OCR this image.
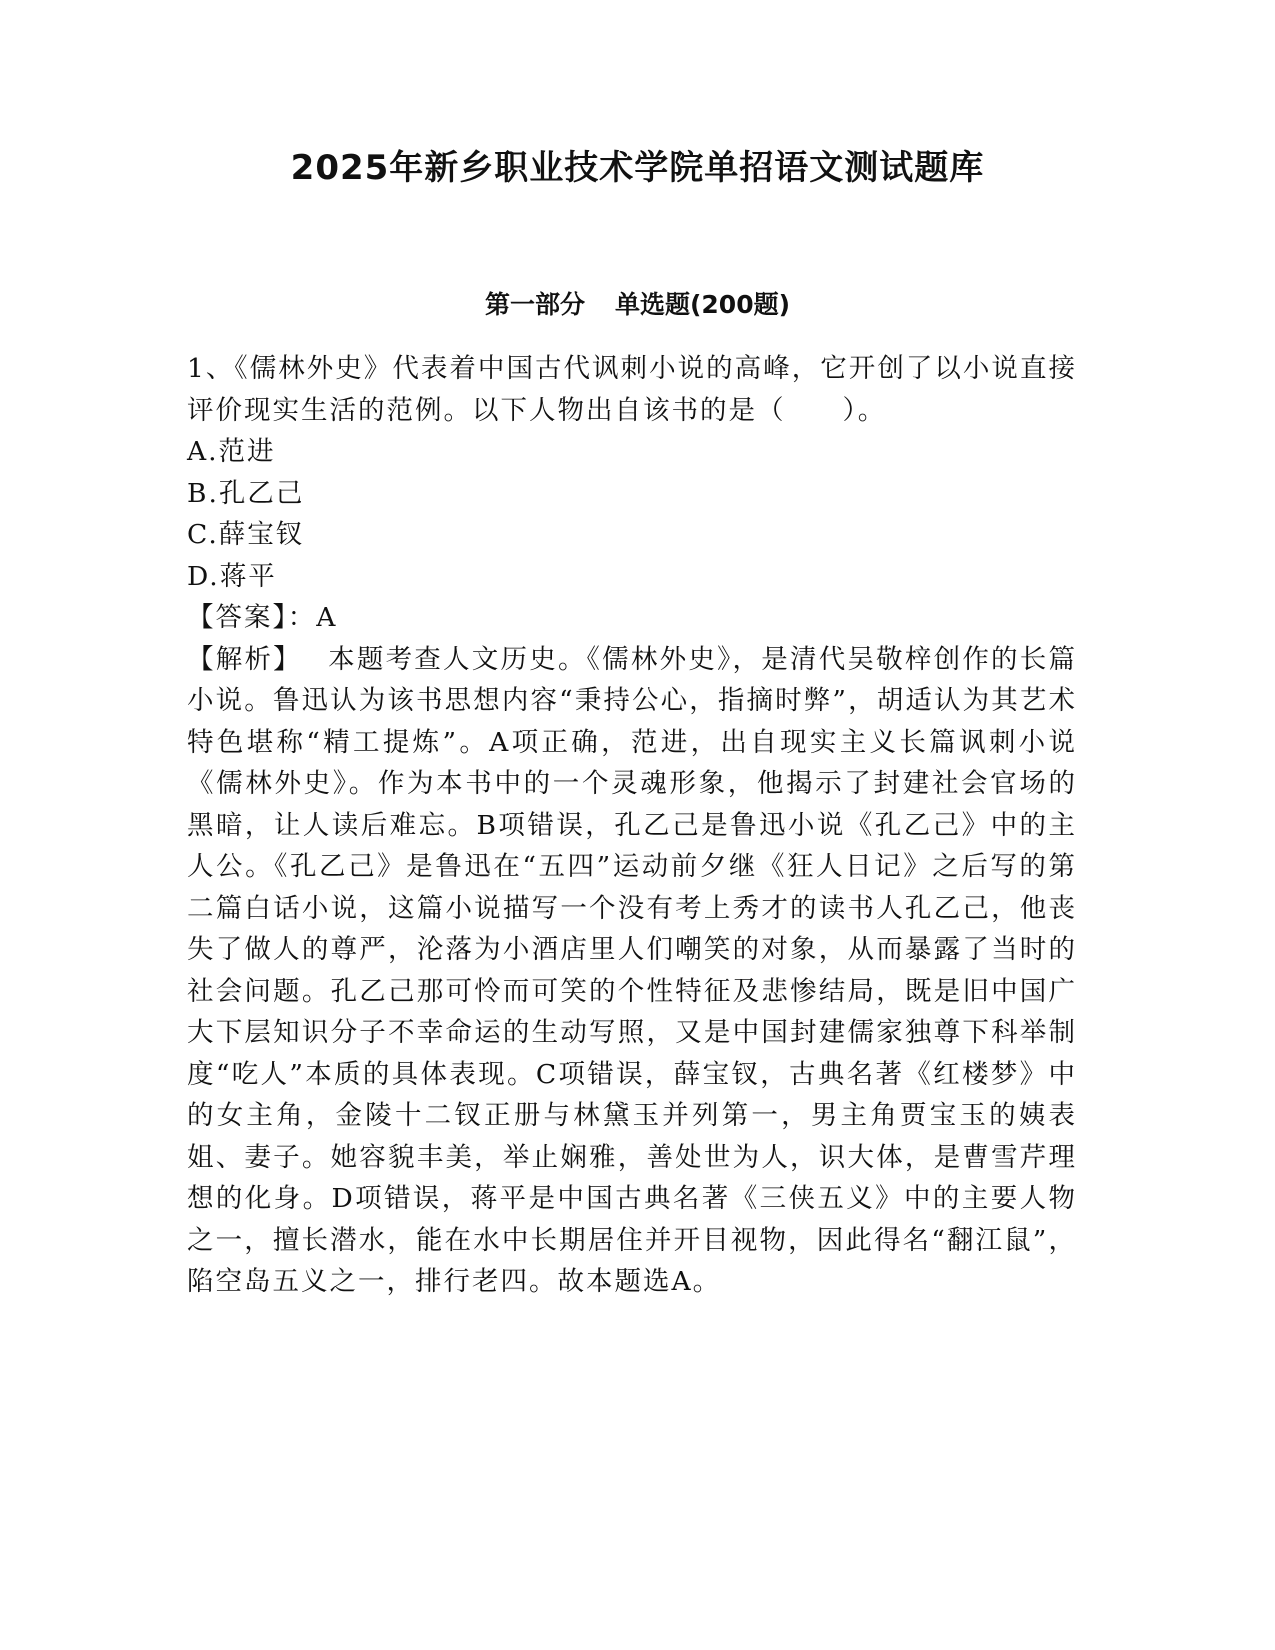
2025年新乡职业技术学院单招语文测试题库
第一部分 单选题(200题)

1、《儒林外史》代表着中国古代讽刺小说的高峰，它开创了以小说直接评价现实生活的范例。以下人物出自该书的是（　　）。

A.范进
B.孔乙己
C.薛宝钗
D.蒋平

【答案】：A

【解析】 本题考查人文历史。《儒林外史》，是清代吴敬梓创作的长篇小说。鲁迅认为该书思想内容“秉持公心，指摘时弊”，胡适认为其艺术特色堪称“精工提炼”。A项正确，范进，出自现实主义长篇讽刺小说《儒林外史》。作为本书中的一个灵魂形象，他揭示了封建社会官场的黑暗，让人读后难忘。B项错误，孔乙己是鲁迅小说《孔乙己》中的主人公。《孔乙己》是鲁迅在“五四”运动前夕继《狂人日记》之后写的第二篇白话小说，这篇小说描写一个没有考上秀才的读书人孔乙己，他丧失了做人的尊严，沦落为小酒店里人们嘲笑的对象，从而暴露了当时的社会问题。孔乙己那可怜而可笑的个性特征及悲惨结局，既是旧中国广大下层知识分子不幸命运的生动写照，又是中国封建儒家独尊下科举制度“吃人”本质的具体表现。C项错误，薛宝钗，古典名著《红楼梦》中的女主角，金陵十二钗正册与林黛玉并列第一，男主角贾宝玉的姨表姐、妻子。她容貌丰美，举止娴雅，善处世为人，识大体，是曹雪芹理想的化身。D项错误，蒋平是中国古典名著《三侠五义》中的主要人物之一，擅长潜水，能在水中长期居住并开目视物，因此得名“翻江鼠”，陷空岛五义之一，排行老四。故本题选A。
